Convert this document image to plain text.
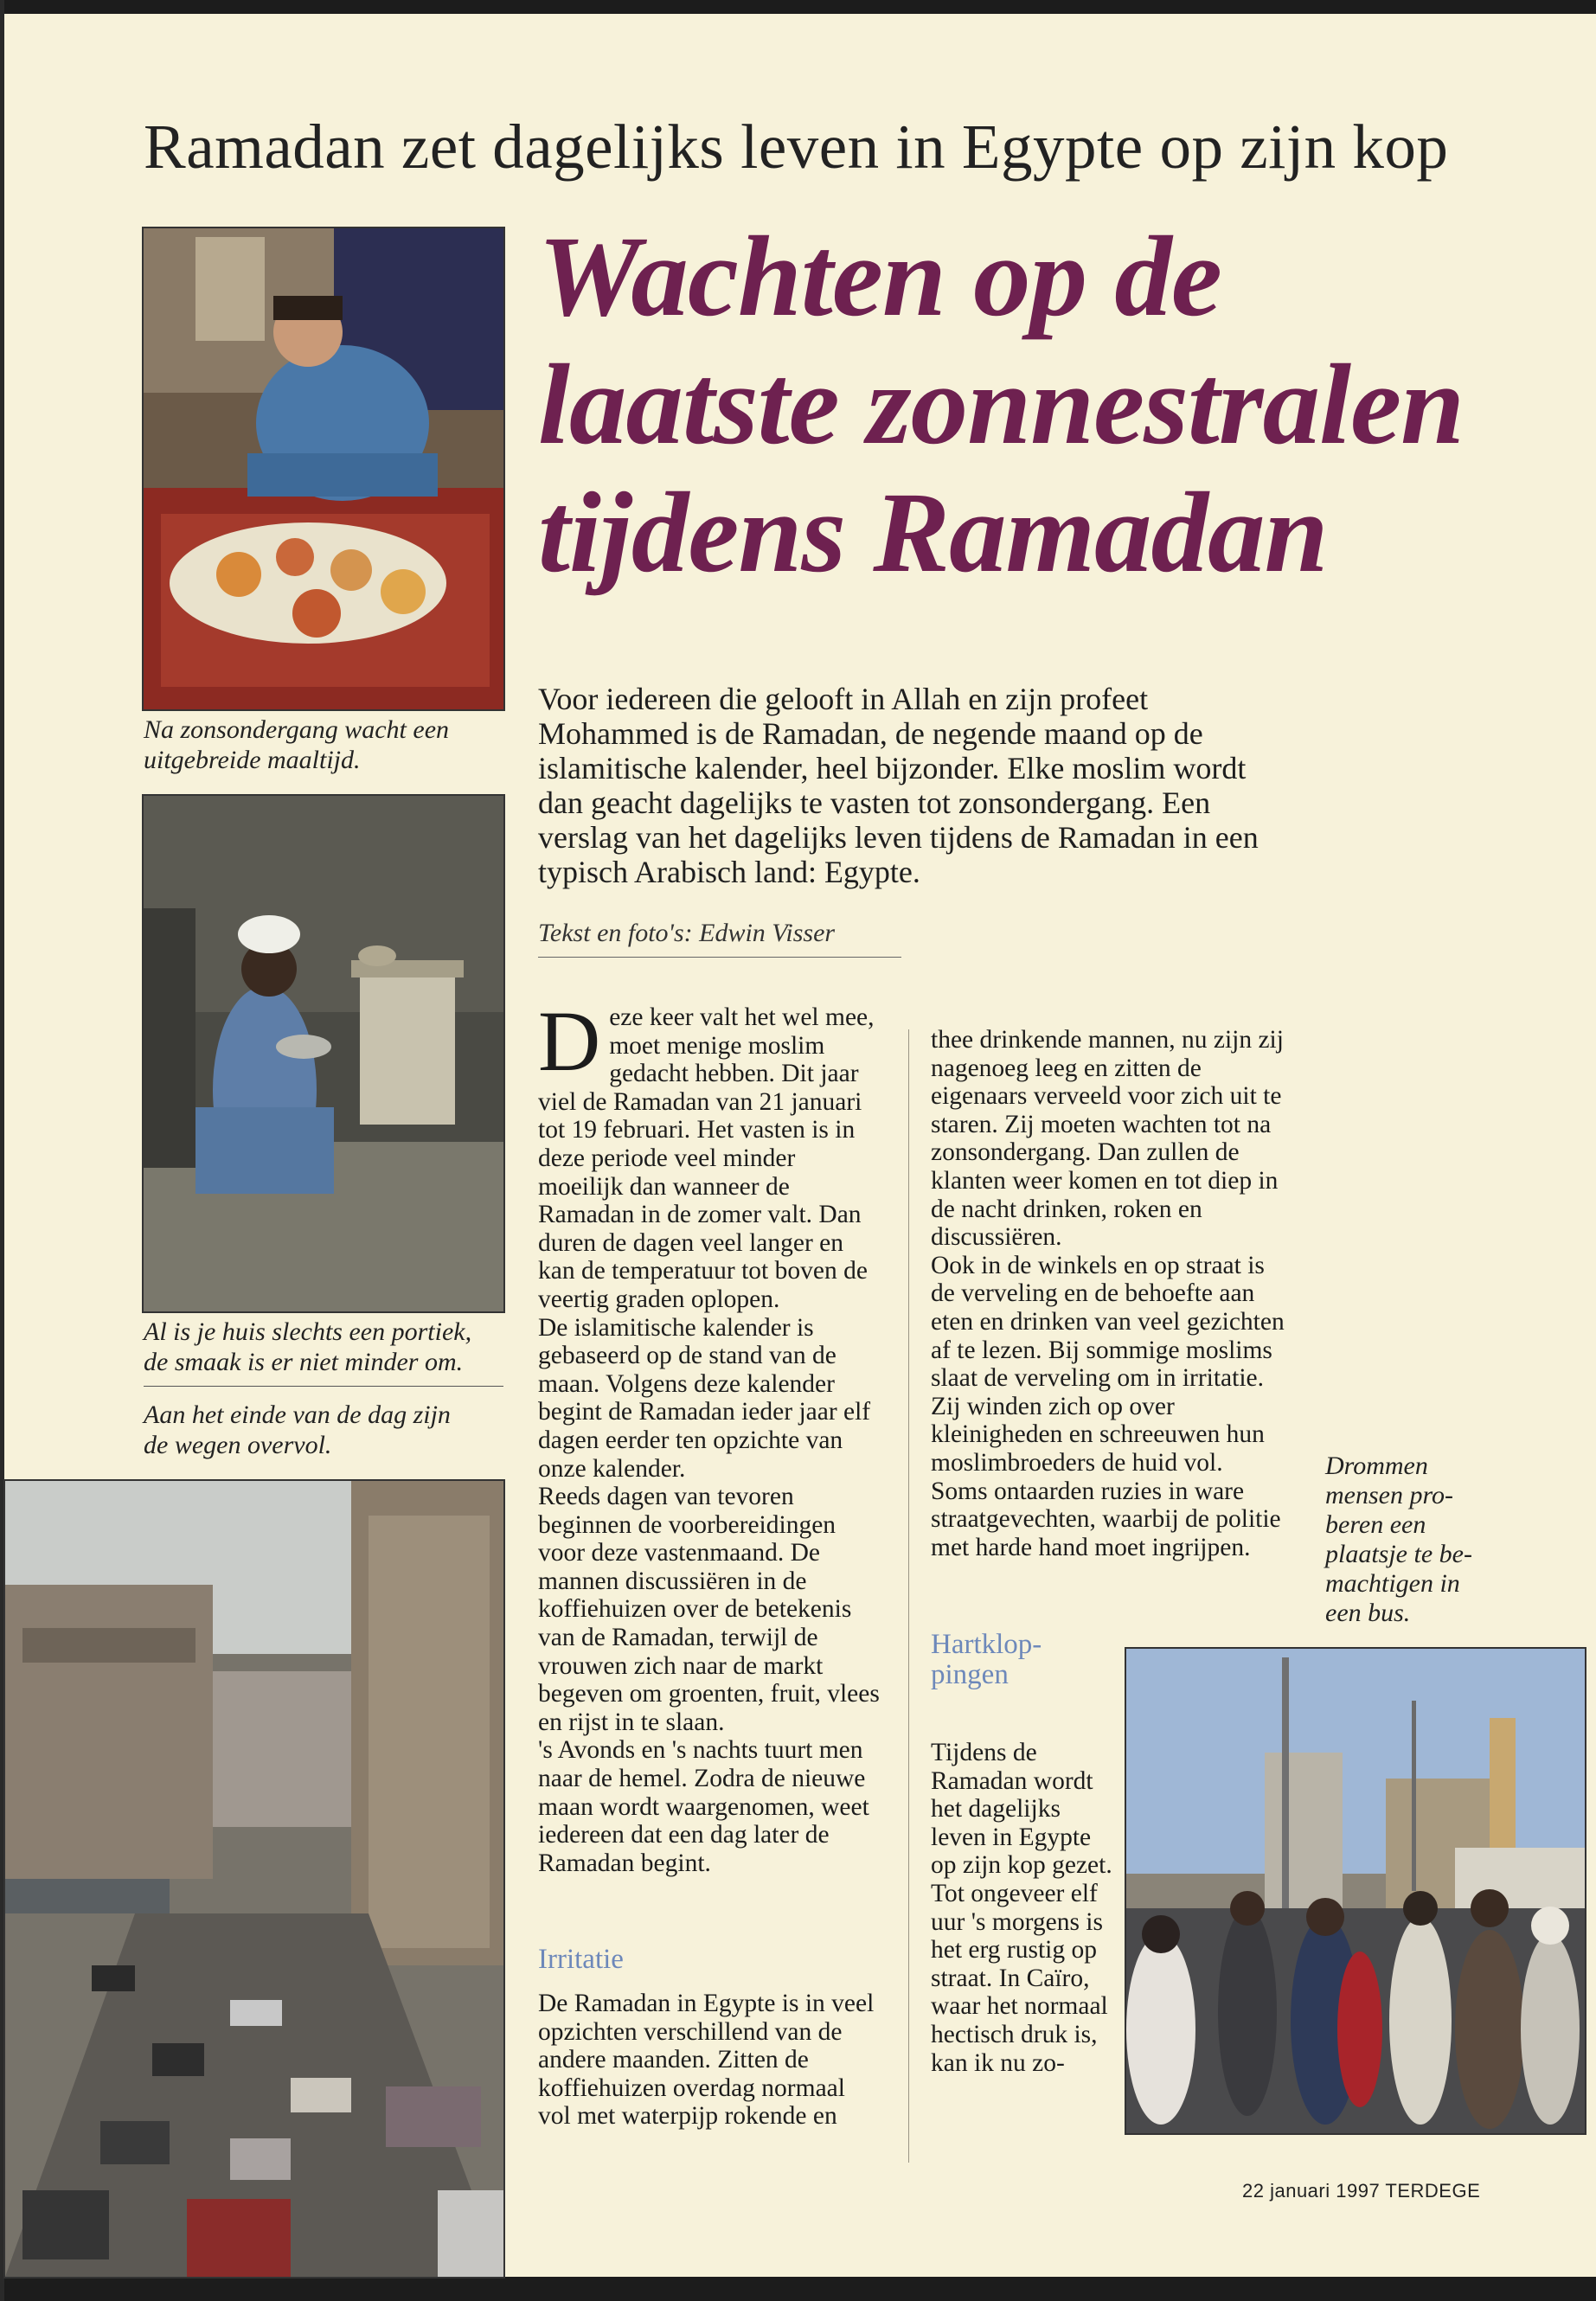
Ramadan zet dagelijks leven in Egypte op zijn kop
Wachten op de
laatste zonnestralen
tijdens Ramadan
Na zonsondergang wacht een
uitgebreide maaltijd.
Al is je huis slechts een portiek,
de smaak is er niet minder om.
Aan het einde van de dag zijn
de wegen overvol.
Voor iedereen die gelooft in Allah en zijn profeet Mohammed is de Ramadan, de negende maand op de islamitische kalender, heel bijzonder. Elke moslim wordt dan geacht dagelijks te vasten tot zonsondergang. Een verslag van het dagelijks leven tijdens de Ramadan in een typisch Arabisch land: Egypte.
Tekst en foto's: Edwin Visser

Deze keer valt het wel mee, moet menige moslim gedacht hebben. Dit jaar viel de Ramadan van 21 januari tot 19 februari. Het vasten is in deze periode veel minder moeilijk dan wanneer de Ramadan in de zomer valt. Dan duren de dagen veel langer en kan de temperatuur tot boven de veertig graden oplopen.

De islamitische kalender is gebaseerd op de stand van de maan. Volgens deze kalender begint de Ramadan ieder jaar elf dagen eerder ten opzichte van onze kalender.

Reeds dagen van tevoren beginnen de voorbereidingen voor deze vastenmaand. De mannen discussiëren in de koffiehuizen over de betekenis van de Ramadan, terwijl de vrouwen zich naar de markt begeven om groenten, fruit, vlees en rijst in te slaan.

's Avonds en 's nachts tuurt men naar de hemel. Zodra de nieuwe maan wordt waargenomen, weet iedereen dat een dag later de Ramadan begint.

Irritatie

De Ramadan in Egypte is in veel opzichten verschillend van de andere maanden. Zitten de koffiehuizen overdag normaal vol met waterpijp rokende en

thee drinkende mannen, nu zijn zij nagenoeg leeg en zitten de eigenaars verveeld voor zich uit te staren. Zij moeten wachten tot na zonsondergang. Dan zullen de klanten weer komen en tot diep in de nacht drinken, roken en discussiëren.

Ook in de winkels en op straat is de verveling en de behoefte aan eten en drinken van veel gezichten af te lezen. Bij sommige moslims slaat de verveling om in irritatie. Zij winden zich op over kleinigheden en schreeuwen hun moslimbroeders de huid vol. Soms ontaarden ruzies in ware straatgevechten, waarbij de politie met harde hand moet ingrijpen.

Hartklop-
pingen

Tijdens de Ramadan wordt het dagelijks leven in Egypte op zijn kop gezet. Tot ongeveer elf uur 's morgens is het erg rustig op straat. In Caïro, waar het normaal hectisch druk is, kan ik nu zo-

Drommen
mensen pro-
beren een
plaatsje te be-
machtigen in
een bus.
22 januari 1997 TERDEGE
